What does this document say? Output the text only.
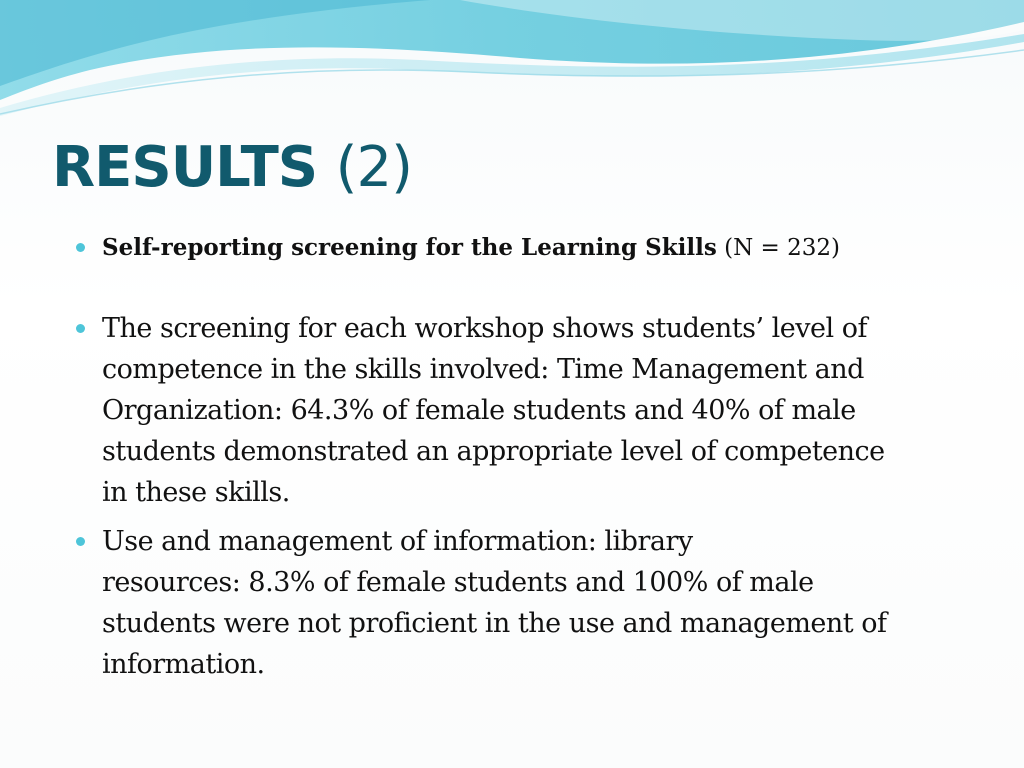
RESULTS (2)
Self-reporting screening for the Learning Skills (N = 232)
The screening for each workshop shows students’ level of
competence in the skills involved: Time Management and
Organization: 64.3% of female students and 40% of male
students demonstrated an appropriate level of competence
in these skills.
Use and management of information: library
resources: 8.3% of female students and 100% of male
students were not proficient in the use and management of
information.
